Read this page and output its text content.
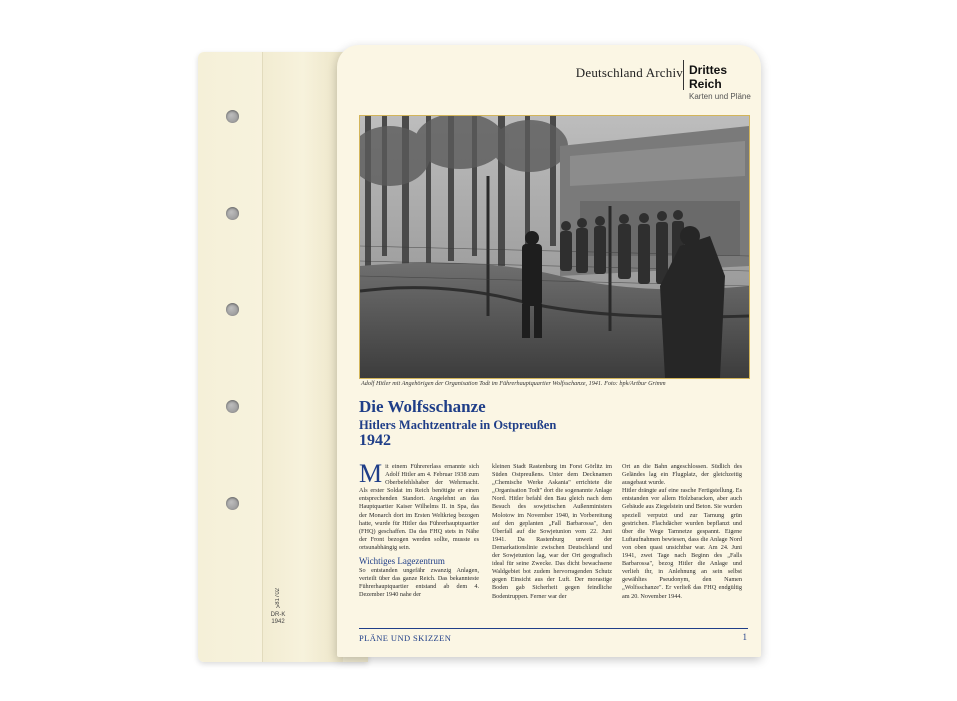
81702
^
DR-K
1942
Deutschland Archiv Drittes Reich
Karten und Pläne
Adolf Hitler mit Angehörigen der Organisation Todt im Führerhauptquartier Wolfsschanze, 1941. Foto: bpk/Artbur Grimm
Die Wolfsschanze
Hitlers Machtzentrale in Ostpreußen
1942
M it einem Führererlass ernannte sich Adolf Hitler am 4. Februar 1938 zum Oberbefehlshaber der Wehrmacht. Als erster Soldat im Reich benötigte er einen entsprechenden Standort. Angelehnt an das Hauptquartier Kaiser Wilhelms II. in Spa, das der Monarch dort im Ersten Weltkrieg bezogen hatte, wurde für Hitler das Führerhauptquartier (FHQ) geschaffen. Da das FHQ stets in Nähe der Front bezogen werden sollte, musste es ortsunabhängig sein.
Wichtiges Lagezentrum
So entstanden ungefähr zwanzig Anlagen, verteilt über das ganze Reich. Das bekannteste Führerhauptquartier entstand ab dem 4. Dezember 1940 nahe der
kleinen Stadt Rastenburg im Forst Görlitz im Süden Ostpreußens. Unter dem Decknamen „Chemische Werke Askania" errichtete die „Organisation Todt" dort die sogenannte Anlage Nord. Hitler befahl den Bau gleich nach dem Besuch des sowjetischen Außenministers Molotow im November 1940, in Vorbereitung auf den geplanten „Fall Barbarossa", den Überfall auf die Sowjetunion vom 22. Juni 1941. Da Rastenburg unweit der Demarkationslinie zwischen Deutschland und der Sowjetunion lag, war der Ort geografisch ideal für seine Zwecke. Das dicht bewachsene Waldgebiet bot zudem hervorragenden Schutz gegen Einsicht aus der Luft. Der morastige Boden gab Sicherheit gegen feindliche Bodentruppen. Ferner war der
Ort an die Bahn angeschlossen. Südlich des Geländes lag ein Flugplatz, der gleichzeitig ausgebaut wurde.
Hitler drängte auf eine rasche Fertigstellung. Es entstanden vor allem Holzbaracken, aber auch Gebäude aus Ziegelstein und Beton. Sie wurden speziell verputzt und zur Tarnung grün gestrichen. Flachdächer wurden bepflanzt und über die Wege Tarnnetze gespannt. Eigene Luftaufnahmen bewiesen, dass die Anlage Nord von oben quasi unsichtbar war. Am 24. Juni 1941, zwei Tage nach Beginn des „Falls Barbarossa", bezog Hitler die Anlage und verlieh ihr, in Anlehnung an sein selbst gewähltes Pseudonym, den Namen „Wolfsschanze". Er verließ das FHQ endgültig am 20. November 1944.
PLÄNE UND SKIZZEN	1
